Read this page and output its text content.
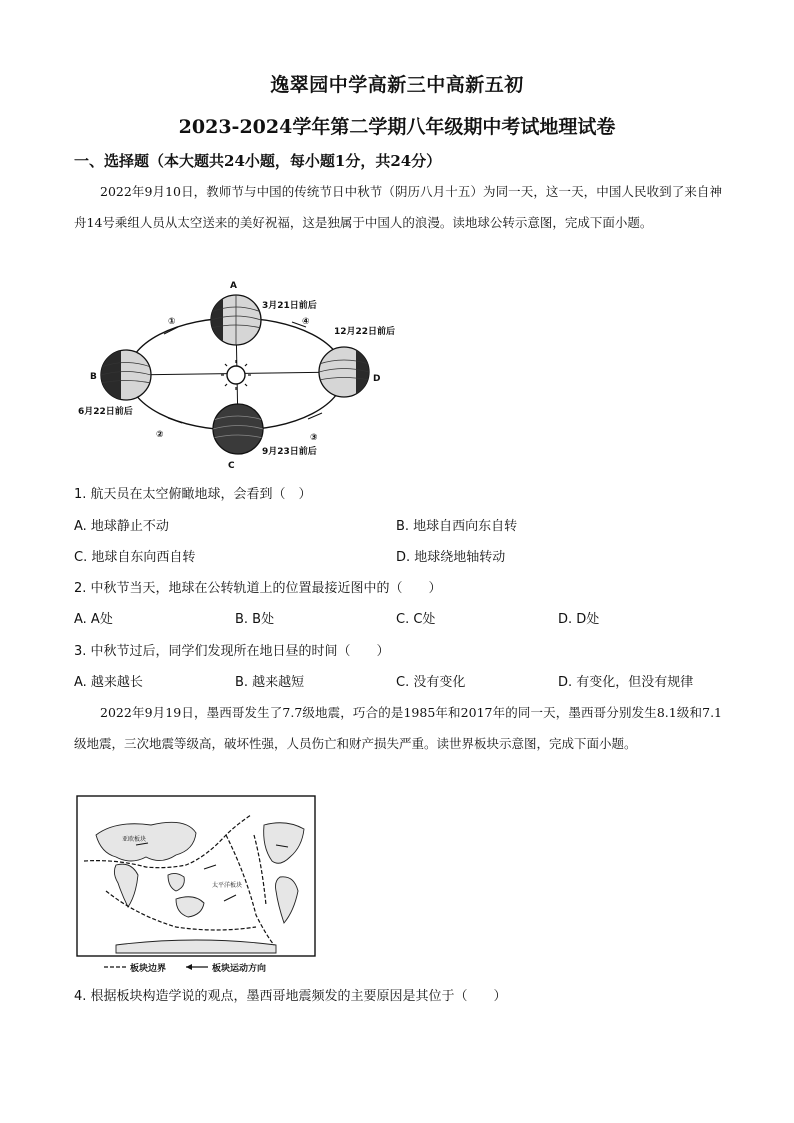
逸翠园中学高新三中高新五初
2023-2024学年第二学期八年级期中考试地理试卷
一、选择题（本大题共24小题，每小题1分，共24分）
2022年9月10日，教师节与中国的传统节日中秋节（阴历八月十五）为同一天，这一天，中国人民收到了来自神舟14号乘组人员从太空送来的美好祝福，这是独属于中国人的浪漫。读地球公转示意图，完成下面小题。
A
B
C
D
3月21日前后
6月22日前后
9月23日前后
12月22日前后
①
②	③
④
1. 航天员在太空俯瞰地球，会看到（　）
A. 地球静止不动	B. 地球自西向东自转
C. 地球自东向西自转	D. 地球绕地轴转动
2. 中秋节当天，地球在公转轨道上的位置最接近图中的（　　）
A. A处	B. B处	C. C处	D. D处
3. 中秋节过后，同学们发现所在地日昼的时间（　　）
A. 越来越长	B. 越来越短	C. 没有变化	D. 有变化，但没有规律
2022年9月19日，墨西哥发生了7.7级地震，巧合的是1985年和2017年的同一天，墨西哥分别发生8.1级和7.1级地震，三次地震等级高，破坏性强，人员伤亡和财产损失严重。读世界板块示意图，完成下面小题。
亚欧板块
太平洋板块
板块边界	板块运动方向
4. 根据板块构造学说的观点，墨西哥地震频发的主要原因是其位于（　　）
